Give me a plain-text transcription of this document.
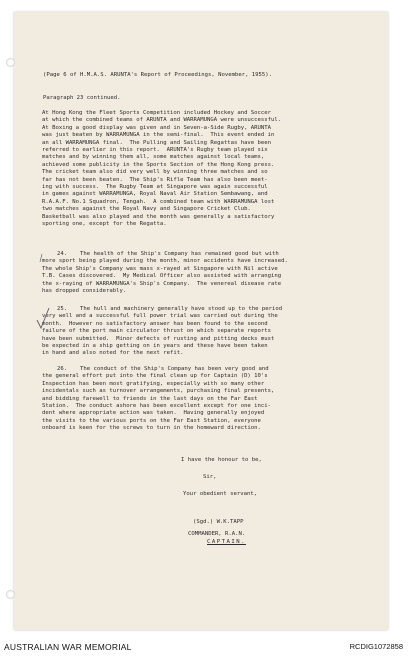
(Page 6 of H.M.A.S. ARUNTA's Report of Proceedings, November, 1955).
Paragraph 23 continued.
At Hong Kong the Fleet Sports Competition included Hockey and Soccer
at which the combined teams of ARUNTA and WARRAMUNGA were unsuccessful.
At Boxing a good display was given and in Seven-a-Side Rugby, ARUNTA
was just beaten by WARRAMUNGA in the semi-final.  This event ended in
an all WARRAMUNGA final.  The Pulling and Sailing Regattas have been
referred to earlier in this report.  ARUNTA's Rugby team played six
matches and by winning them all, some matches against local teams,
achieved some publicity in the Sports Section of the Hong Kong press.
The cricket team also did very well by winning three matches and so
far has not been beaten.  The Ship's Rifle Team has also been meet-
ing with success.  The Rugby Team at Singapore was again successful
in games against WARRAMUNGA, Royal Naval Air Station Sembawang, and
R.A.A.F. No.1 Squadron, Tengah.  A combined team with WARRAMUNGA lost
two matches against the Royal Navy and Singapore Cricket Club.
Basketball was also played and the month was generally a satisfactory
sporting one, except for the Regatta.
24.	The health of the Ship's Company has remained good but with
more sport being played during the month, minor accidents have increased.
The whole Ship's Company was mass x-rayed at Singapore with Nil active
T.B. Cases discovered.  My Medical Officer also assisted with arranging
the x-raying of WARRAMUNGA's Ship's Company.  The venereal disease rate
has dropped considerably.
25.	The hull and machinery generally have stood up to the period
very well and a successful full power trial was carried out during the
month.  However no satisfactory answer has been found to the second
failure of the port main circulator thrust on which separate reports
have been submitted.  Minor defects of rusting and pitting decks must
be expected in a ship getting on in years and these have been taken
in hand and also noted for the next refit.
26.	The conduct of the Ship's Company has been very good and
the general effort put into the final clean up for Captain (D) 10's
Inspection has been most gratifying, especially with so many other
incidentals such as turnover arrangements, purchasing final presents,
and bidding farewell to friends in the last days on the Far East
Station.  The conduct ashore has been excellent except for one inci-
dent where appropriate action was taken.  Having generally enjoyed
the visits to the various ports on the Far East Station, everyone
onboard is keen for the screws to turn in the homeward direction.
I have the honour to be,
Sir,
Your obedient servant,
(Sgd.) W.K.TAPP
COMMANDER, R.A.N.
CAPTAIN.
AUSTRALIAN WAR MEMORIAL	RCDIG1072858
